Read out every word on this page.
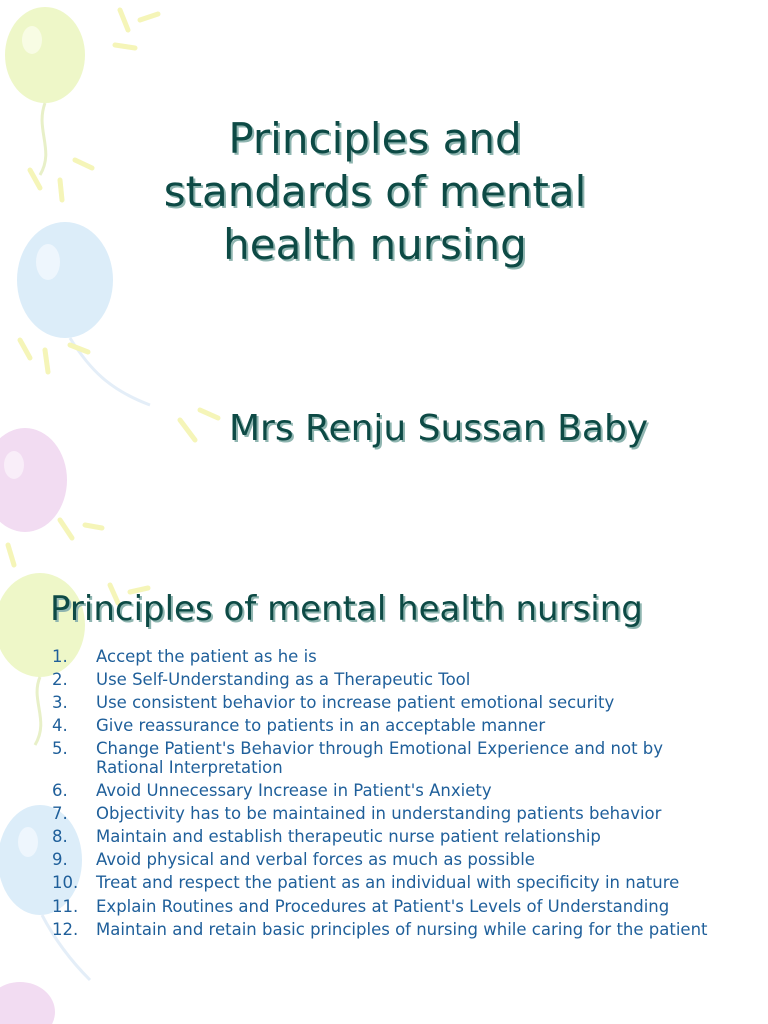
Principles and
standards of mental
health nursing

Mrs Renju Sussan Baby

Principles of mental health nursing
1.	Accept the patient as he is
2.	Use Self-Understanding as a Therapeutic Tool
3.	Use consistent behavior to increase patient emotional security
4.	Give reassurance to patients in an acceptable manner
5.	Change Patient's Behavior through Emotional Experience and not by Rational Interpretation
6.	Avoid Unnecessary Increase in Patient's Anxiety
7.	Objectivity has to be maintained in understanding patients behavior
8.	Maintain and establish therapeutic nurse patient relationship
9.	Avoid physical and verbal forces as much as possible
10.	Treat and respect the patient as an individual with specificity in nature
11.	Explain Routines and Procedures at Patient's Levels of Understanding
12.	Maintain and retain basic principles of nursing while caring for the patient
